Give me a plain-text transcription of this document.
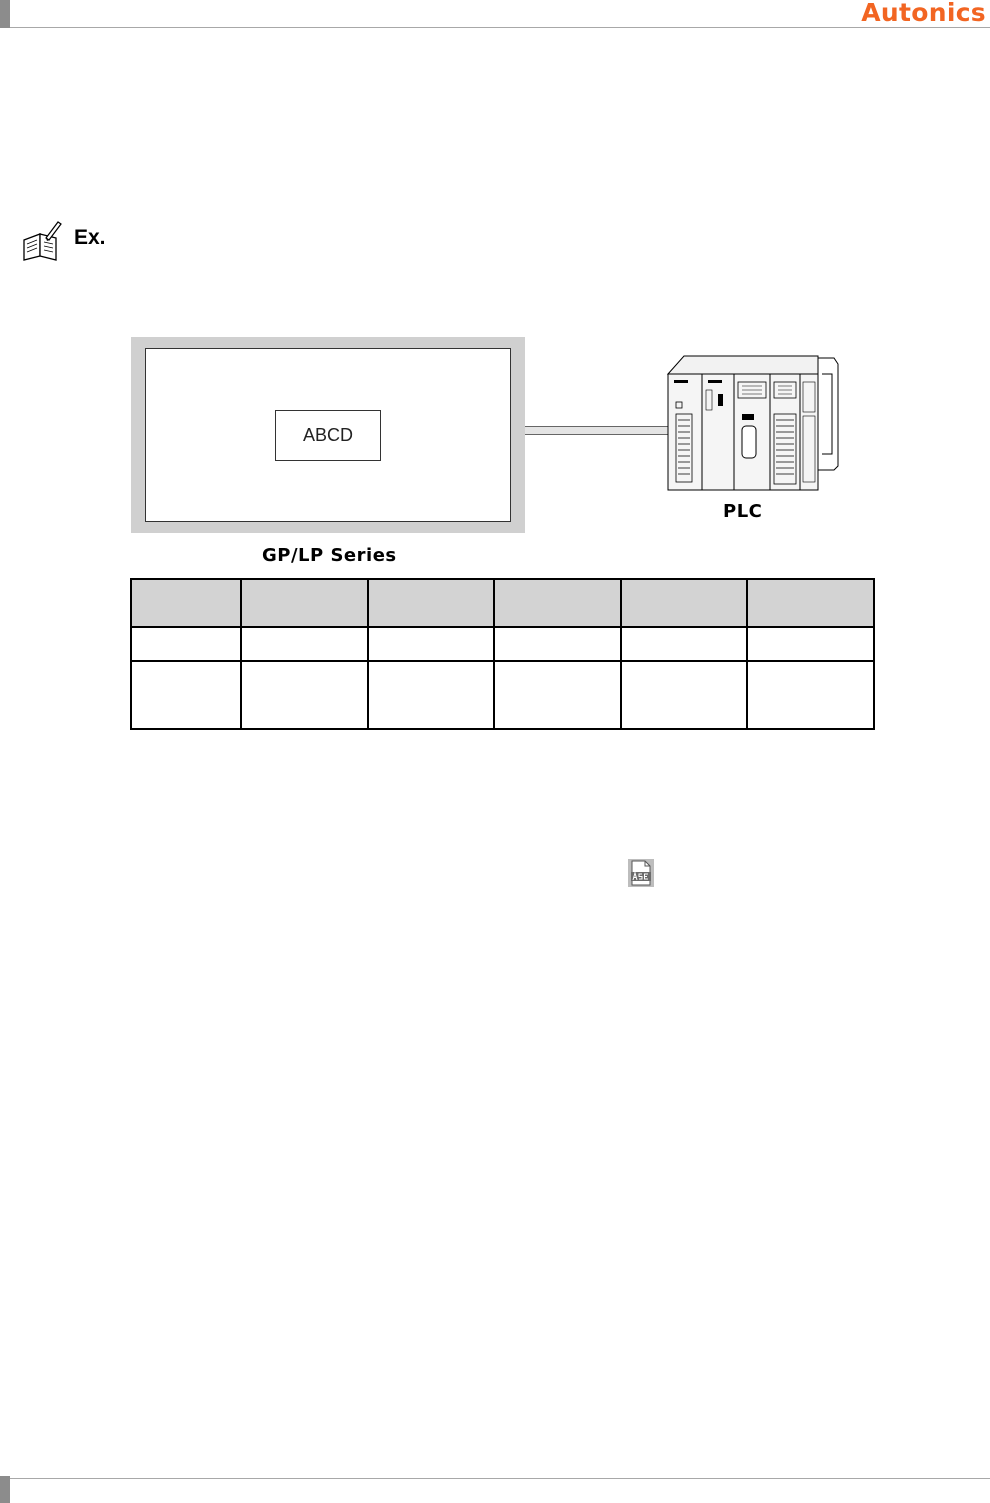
Autonics
Ex.
ABCD
GP/LP Series
PLC
